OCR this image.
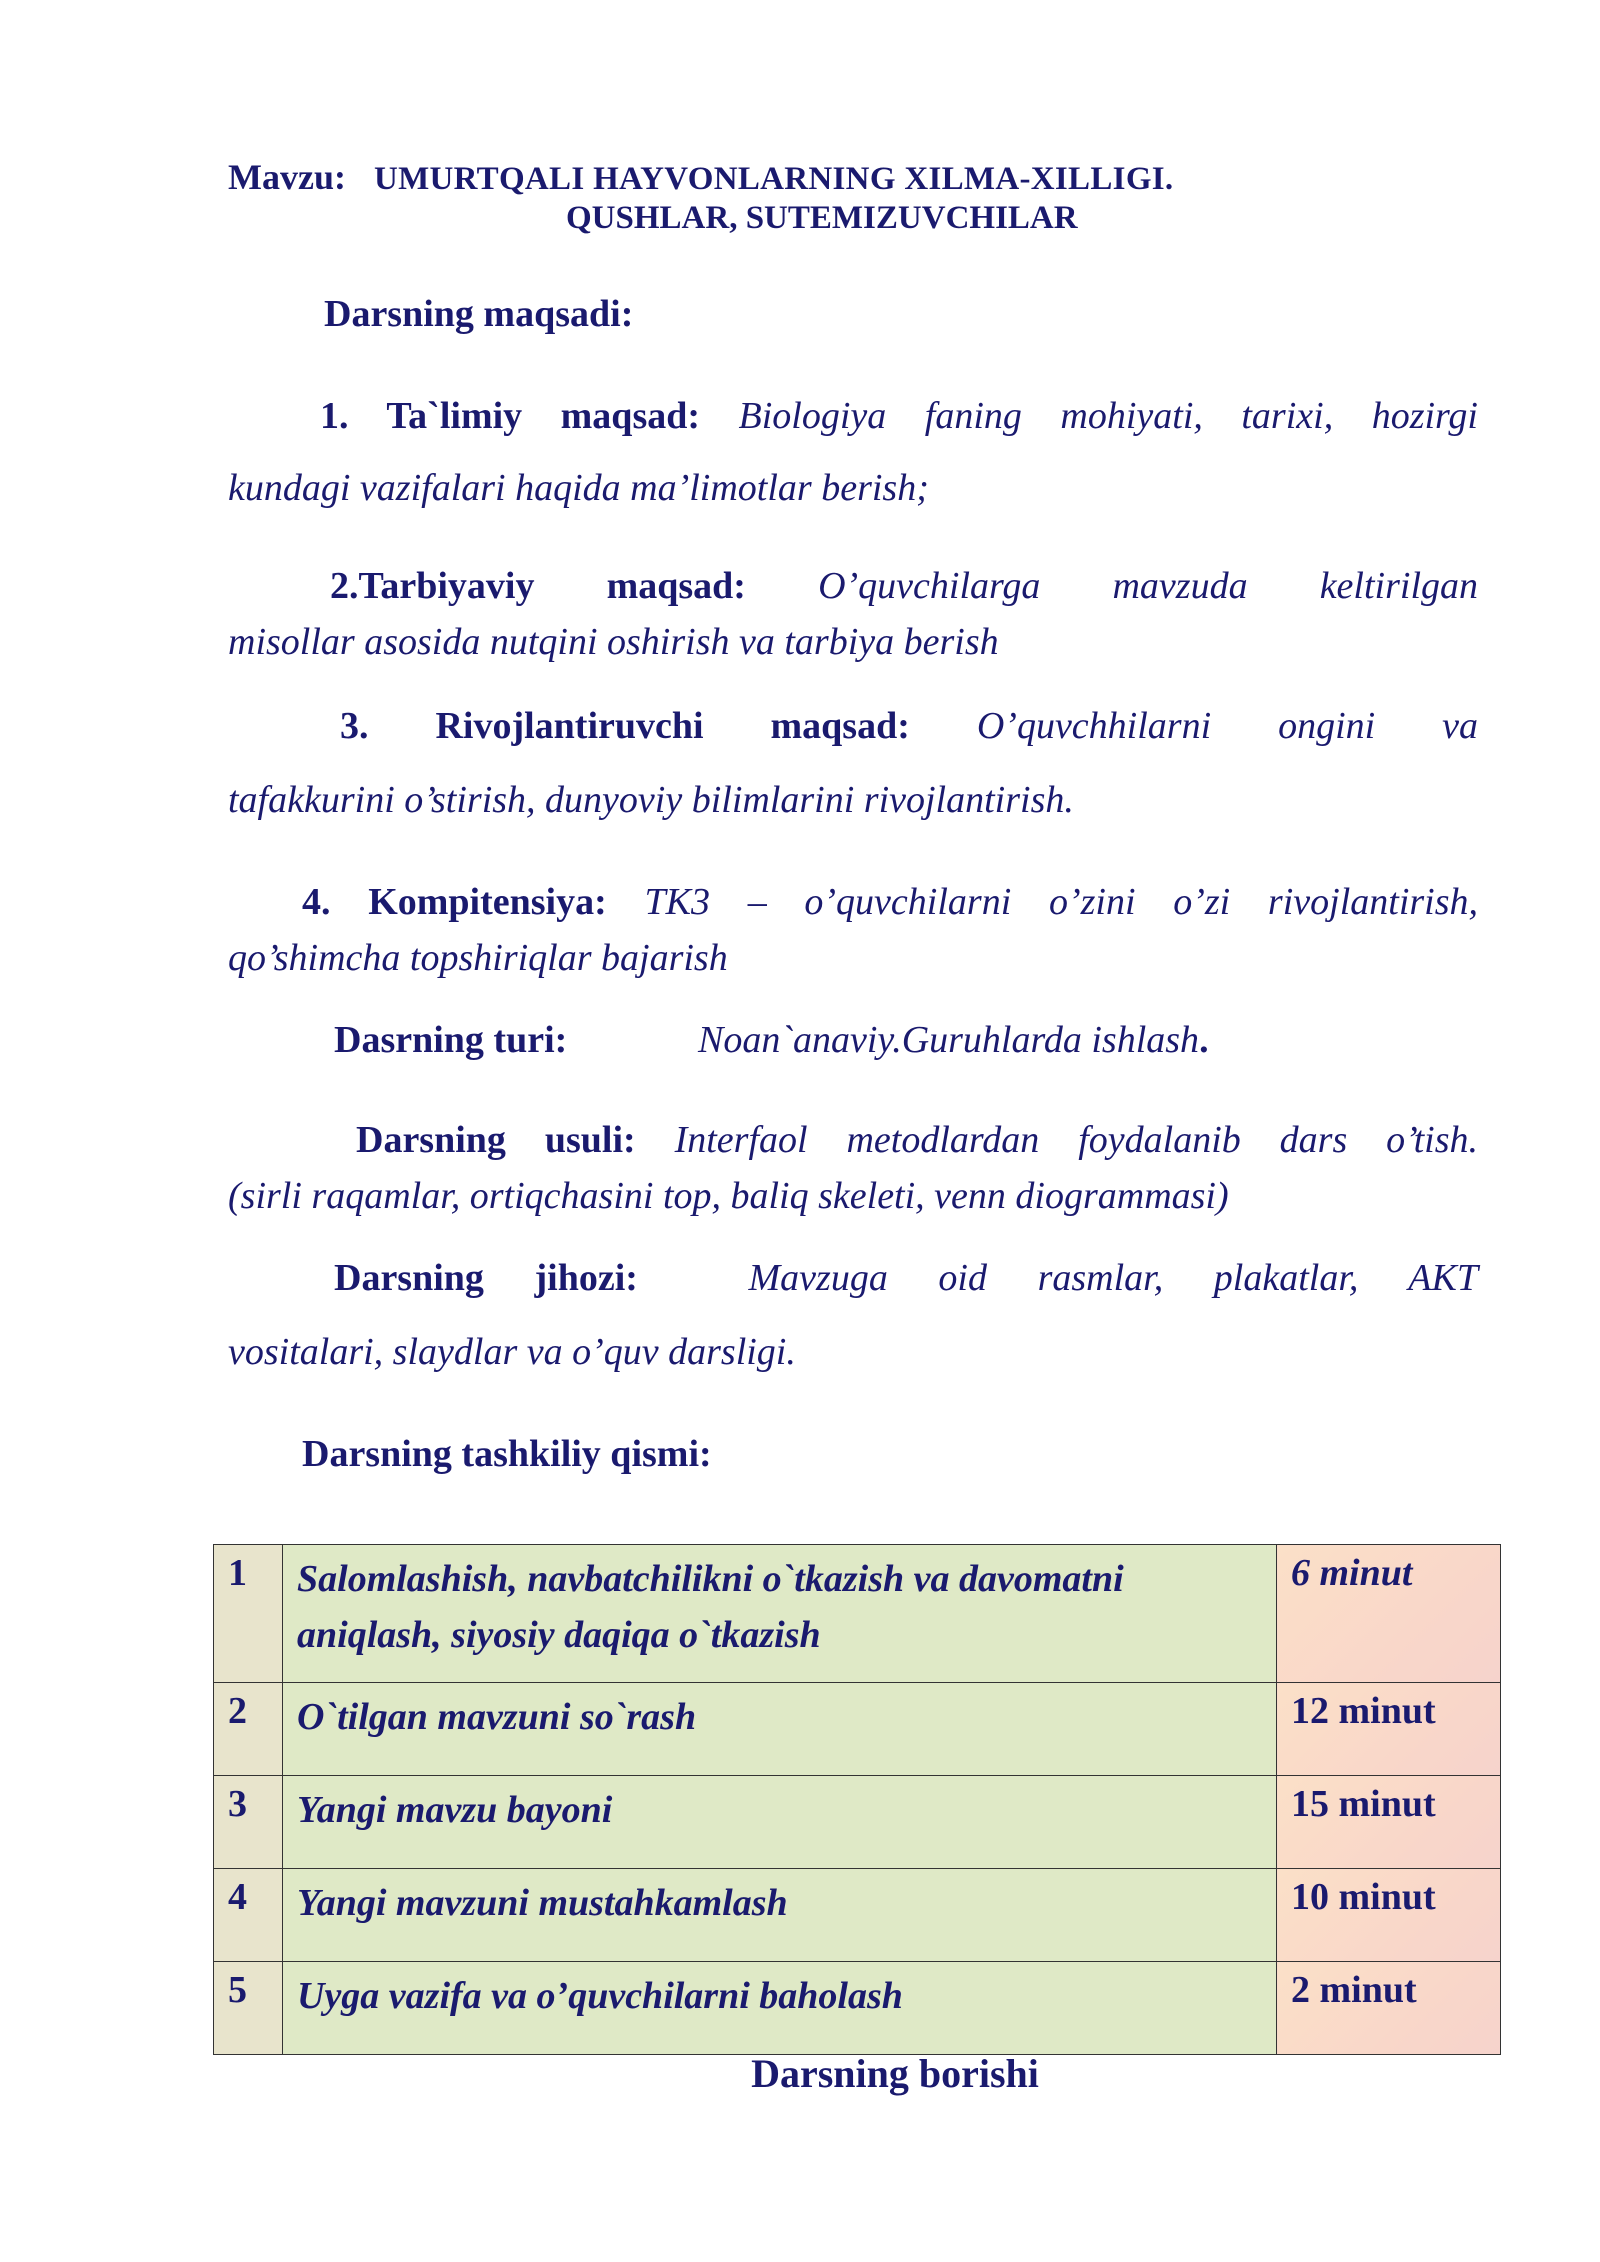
Mavzu: UMURTQALI HAYVONLARNING XILMA-XILLIGI.
QUSHLAR, SUTEMIZUVCHILAR
Darsning maqsadi:
1. Ta`limiy maqsad: Biologiya faning mohiyati, tarixi, hozirgi
kundagi vazifalari haqida ma’limotlar berish;
2.Tarbiyaviy maqsad: O’quvchilarga mavzuda keltirilgan
misollar asosida nutqini oshirish va tarbiya berish
3. Rivojlantiruvchi maqsad: O’quvchhilarni ongini va
tafakkurini o’stirish, dunyoviy bilimlarini rivojlantirish.
4. Kompitensiya: TK3 – o’quvchilarni o’zini o’zi rivojlantirish,
qo’shimcha topshiriqlar bajarish
Dasrning turi:	Noan`anaviy.Guruhlarda ishlash.
Darsning usuli: Interfaol metodlardan foydalanib dars o’tish.
(sirli raqamlar, ortiqchasini top, baliq skeleti, venn diogrammasi)
Darsning jihozi:	Mavzuga oid rasmlar, plakatlar, AKT
vositalari, slaydlar va o’quv darsligi.
Darsning tashkiliy qismi:
1	Salomlashish, navbatchilikni o`tkazish va davomatni aniqlash, siyosiy daqiqa o`tkazish	6 minut
2	O`tilgan mavzuni so`rash	12 minut
3	Yangi mavzu bayoni	15 minut
4	Yangi mavzuni mustahkamlash	10 minut
5	Uyga vazifa va o’quvchilarni baholash	2 minut
Darsning borishi
